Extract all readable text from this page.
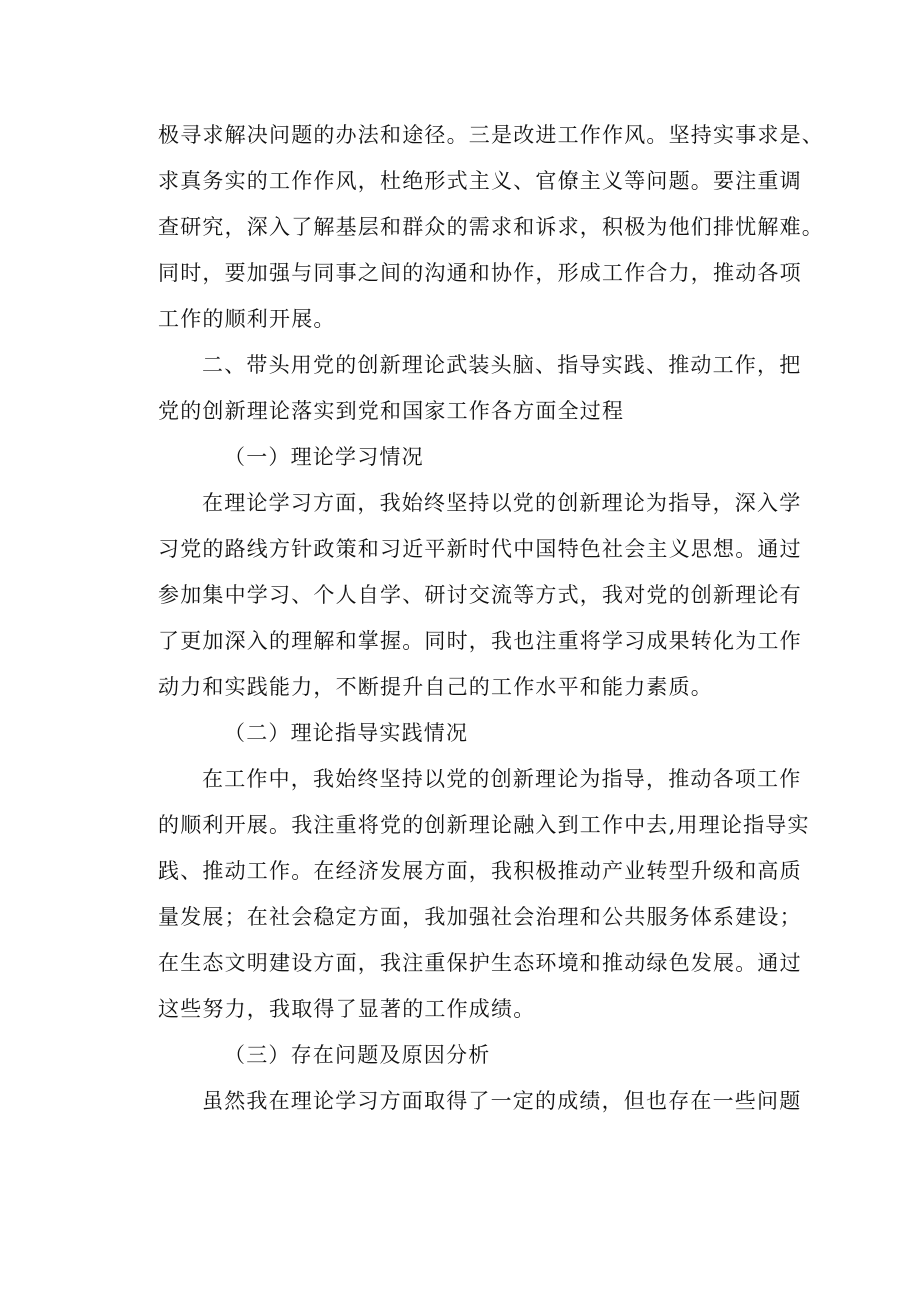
极寻求解决问题的办法和途径。三是改进工作作风。坚持实事求是、
求真务实的工作作风，杜绝形式主义、官僚主义等问题。要注重调
查研究，深入了解基层和群众的需求和诉求，积极为他们排忧解难。
同时，要加强与同事之间的沟通和协作，形成工作合力，推动各项
工作的顺利开展。
二、带头用党的创新理论武装头脑、指导实践、推动工作，把
党的创新理论落实到党和国家工作各方面全过程
（一）理论学习情况
在理论学习方面，我始终坚持以党的创新理论为指导，深入学
习党的路线方针政策和习近平新时代中国特色社会主义思想。通过
参加集中学习、个人自学、研讨交流等方式，我对党的创新理论有
了更加深入的理解和掌握。同时，我也注重将学习成果转化为工作
动力和实践能力，不断提升自己的工作水平和能力素质。
（二）理论指导实践情况
在工作中，我始终坚持以党的创新理论为指导，推动各项工作
的顺利开展。我注重将党的创新理论融入到工作中去,用理论指导实
践、推动工作。在经济发展方面，我积极推动产业转型升级和高质
量发展；在社会稳定方面，我加强社会治理和公共服务体系建设；
在生态文明建设方面，我注重保护生态环境和推动绿色发展。通过
这些努力，我取得了显著的工作成绩。
（三）存在问题及原因分析
虽然我在理论学习方面取得了一定的成绩，但也存在一些问题
